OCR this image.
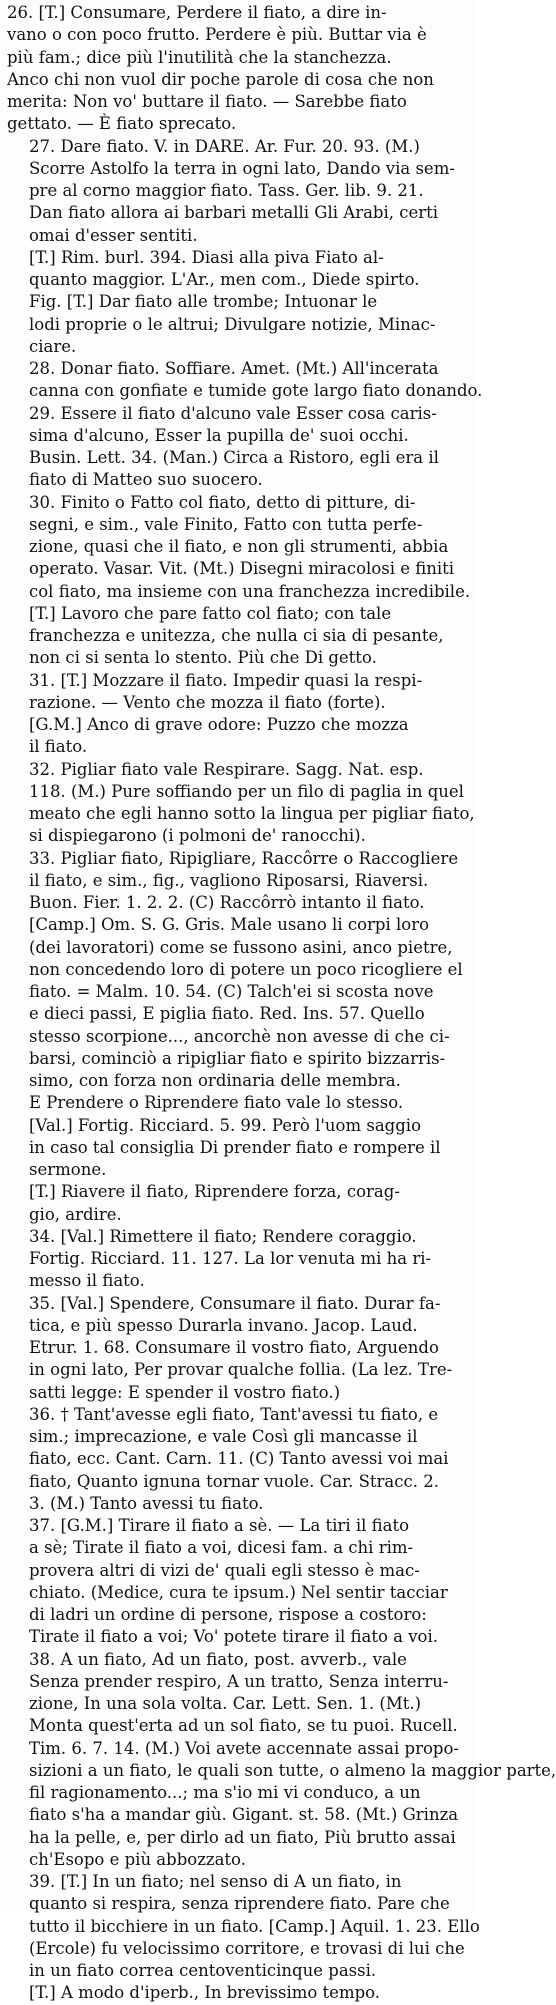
26. [T.] Consumare, Perdere il fiato, a dire in-
vano o con poco frutto. Perdere è più. Buttar via è
più fam.; dice più l'inutilità che la stanchezza.
Anco chi non vuol dir poche parole di cosa che non
merita: Non vo' buttare il fiato. — Sarebbe fiato
gettato. — È fiato sprecato.
27. Dare fiato. V. in DARE. Ar. Fur. 20. 93. (M.)
Scorre Astolfo la terra in ogni lato, Dando via sem-
pre al corno maggior fiato. Tass. Ger. lib. 9. 21.
Dan fiato allora ai barbari metalli Gli Arabi, certi
omai d'esser sentiti.
[T.] Rim. burl. 394. Diasi alla piva Fiato al-
quanto maggior. L'Ar., men com., Diede spirto.
Fig. [T.] Dar fiato alle trombe; Intuonar le
lodi proprie o le altrui; Divulgare notizie, Minac-
ciare.
28. Donar fiato. Soffiare. Amet. (Mt.) All'incerata
canna con gonfiate e tumide gote largo fiato donando.
29. Essere il fiato d'alcuno vale Esser cosa caris-
sima d'alcuno, Esser la pupilla de' suoi occhi.
Busin. Lett. 34. (Man.) Circa a Ristoro, egli era il
fiato di Matteo suo suocero.
30. Finito o Fatto col fiato, detto di pitture, di-
segni, e sim., vale Finito, Fatto con tutta perfe-
zione, quasi che il fiato, e non gli strumenti, abbia
operato. Vasar. Vit. (Mt.) Disegni miracolosi e finiti
col fiato, ma insieme con una franchezza incredibile.
[T.] Lavoro che pare fatto col fiato; con tale
franchezza e unitezza, che nulla ci sia di pesante,
non ci si senta lo stento. Più che Di getto.
31. [T.] Mozzare il fiato. Impedir quasi la respi-
razione. — Vento che mozza il fiato (forte).
[G.M.] Anco di grave odore: Puzzo che mozza
il fiato.
32. Pigliar fiato vale Respirare. Sagg. Nat. esp.
118. (M.) Pure soffiando per un filo di paglia in quel
meato che egli hanno sotto la lingua per pigliar fiato,
si dispiegarono (i polmoni de' ranocchi).
33. Pigliar fiato, Ripigliare, Raccôrre o Raccogliere
il fiato, e sim., fig., vagliono Riposarsi, Riaversi.
Buon. Fier. 1. 2. 2. (C) Raccôrrò intanto il fiato.
[Camp.] Om. S. G. Gris. Male usano li corpi loro
(dei lavoratori) come se fussono asini, anco pietre,
non concedendo loro di potere un poco ricogliere el
fiato. = Malm. 10. 54. (C) Talch'ei si scosta nove
e dieci passi, E piglia fiato. Red. Ins. 57. Quello
stesso scorpione..., ancorchè non avesse di che ci-
barsi, cominciò a ripigliar fiato e spirito bizzarris-
simo, con forza non ordinaria delle membra.
E Prendere o Riprendere fiato vale lo stesso.
[Val.] Fortig. Ricciard. 5. 99. Però l'uom saggio
in caso tal consiglia Di prender fiato e rompere il
sermone.
[T.] Riavere il fiato, Riprendere forza, corag-
gio, ardire.
34. [Val.] Rimettere il fiato; Rendere coraggio.
Fortig. Ricciard. 11. 127. La lor venuta mi ha ri-
messo il fiato.
35. [Val.] Spendere, Consumare il fiato. Durar fa-
tica, e più spesso Durarla invano. Jacop. Laud.
Etrur. 1. 68. Consumare il vostro fiato, Arguendo
in ogni lato, Per provar qualche follia. (La lez. Tre-
satti legge: E spender il vostro fiato.)
36. † Tant'avesse egli fiato, Tant'avessi tu fiato, e
sim.; imprecazione, e vale Così gli mancasse il
fiato, ecc. Cant. Carn. 11. (C) Tanto avessi voi mai
fiato, Quanto ignuna tornar vuole. Car. Stracc. 2.
3. (M.) Tanto avessi tu fiato.
37. [G.M.] Tirare il fiato a sè. — La tiri il fiato
a sè; Tirate il fiato a voi, dicesi fam. a chi rim-
provera altri di vizi de' quali egli stesso è mac-
chiato. (Medice, cura te ipsum.) Nel sentir tacciar
di ladri un ordine di persone, rispose a costoro:
Tirate il fiato a voi; Vo' potete tirare il fiato a voi.
38. A un fiato, Ad un fiato, post. avverb., vale
Senza prender respiro, A un tratto, Senza interru-
zione, In una sola volta. Car. Lett. Sen. 1. (Mt.)
Monta quest'erta ad un sol fiato, se tu puoi. Rucell.
Tim. 6. 7. 14. (M.) Voi avete accennate assai propo-
sizioni a un fiato, le quali son tutte, o almeno la maggior parte,
fil ragionamento...; ma s'io mi vi conduco, a un
fiato s'ha a mandar giù. Gigant. st. 58. (Mt.) Grinza
ha la pelle, e, per dirlo ad un fiato, Più brutto assai
ch'Esopo e più abbozzato.
39. [T.] In un fiato; nel senso di A un fiato, in
quanto si respira, senza riprendere fiato. Pare che
tutto il bicchiere in un fiato. [Camp.] Aquil. 1. 23. Ello
(Ercole) fu velocissimo corritore, e trovasi di lui che
in un fiato correa centoventicinque passi.
[T.] A modo d'iperb., In brevissimo tempo.
